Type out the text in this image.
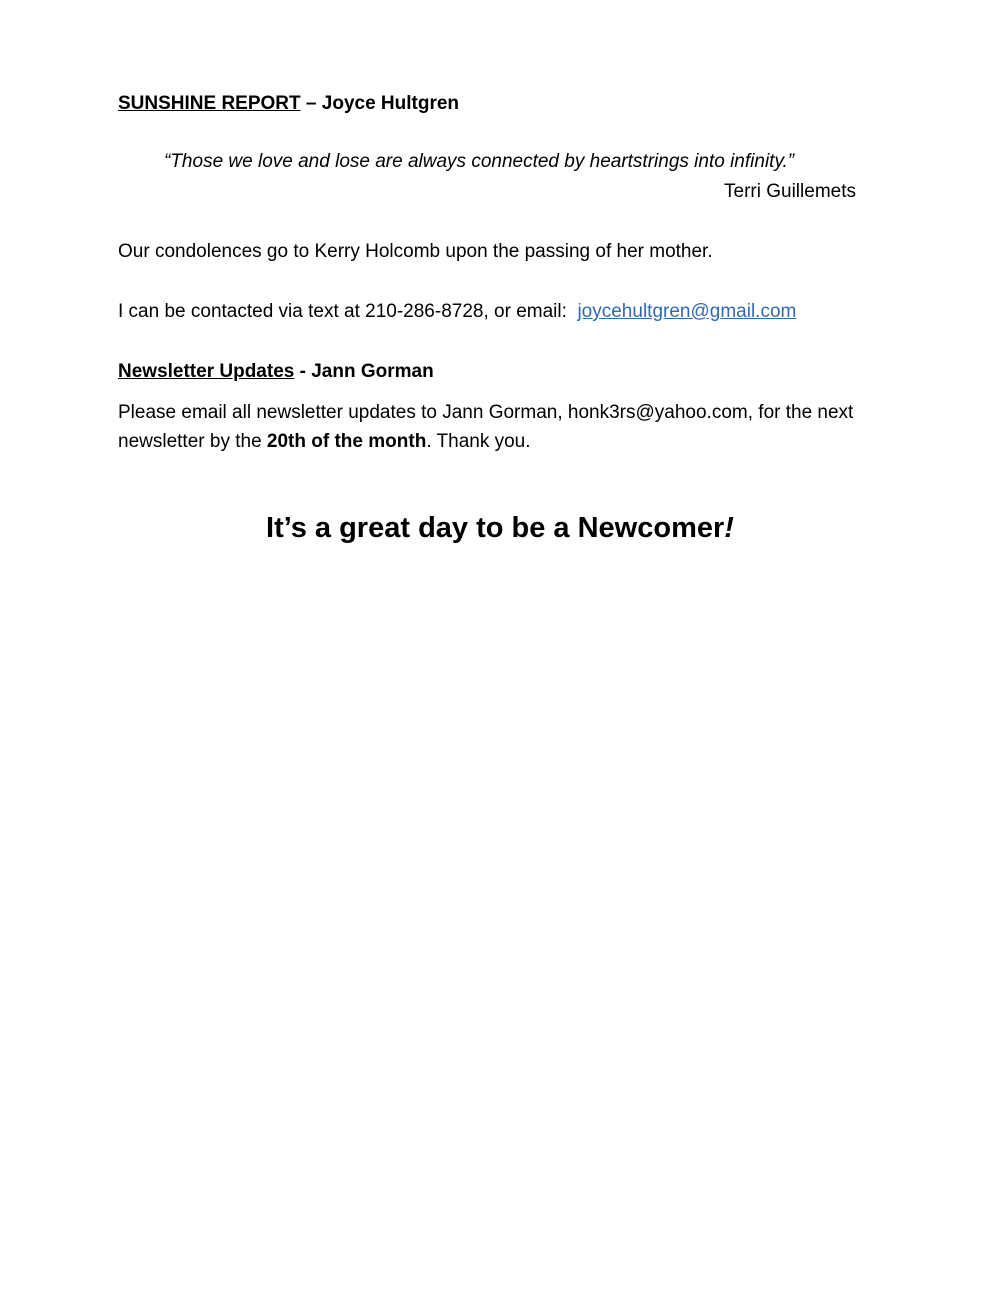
SUNSHINE REPORT – Joyce Hultgren
“Those we love and lose are always connected by heartstrings into infinity.”
Terri Guillemets
Our condolences go to Kerry Holcomb upon the passing of her mother.
I can be contacted via text at 210-286-8728, or email:  joycehultgren@gmail.com
Newsletter Updates - Jann Gorman
Please email all newsletter updates to Jann Gorman, honk3rs@yahoo.com, for the next newsletter by the 20th of the month. Thank you.
It’s a great day to be a Newcomer!
